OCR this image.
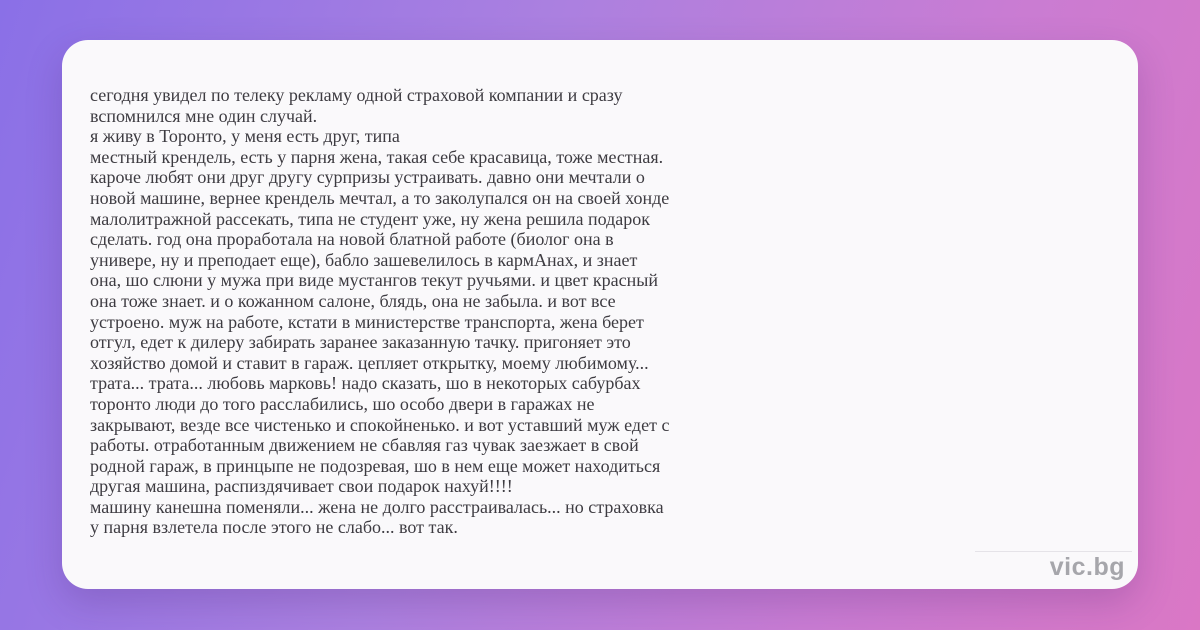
сегодня увидел по телеку рекламу одной страховой компании и сразу
вспомнился мне один случай.
я живу в Торонто, у меня есть друг, типа
местный крендель, есть у парня жена, такая себе красавица, тоже местная.
кароче любят они друг другу сурпризы устраивать. давно они мечтали о
новой машине, вернее крендель мечтал, а то заколупался он на своей хонде
малолитражной рассекать, типа не студент уже, ну жена решила подарок
сделать. год она проработала на новой блатной работе (биолог она в
универе, ну и преподает еще), бабло зашевелилось в кармАнах, и знает
она, шо слюни у мужа при виде мустангов текут ручьями. и цвет красный
она тоже знает. и о кожанном салоне, блядь, она не забыла. и вот все
устроено. муж на работе, кстати в министерстве транспорта, жена берет
отгул, едет к дилеру забирать заранее заказанную тачку. пригоняет это
хозяйство домой и ставит в гараж. цепляет открытку, моему любимому...
трата... трата... любовь марковь! надо сказать, шо в некоторых сабурбах
торонто люди до того расслабились, шо особо двери в гаражах не
закрывают, везде все чистенько и спокойненько. и вот уставший муж едет с
работы. отработанным движением не сбавляя газ чувак заезжает в свой
родной гараж, в принцыпе не подозревая, шо в нем еще может находиться
другая машина, распиздячивает свои подарок нахуй!!!!
машину канешна поменяли... жена не долго расстраивалась... но страховка
у парня взлетела после этого не слабо... вот так.
vic.bg
